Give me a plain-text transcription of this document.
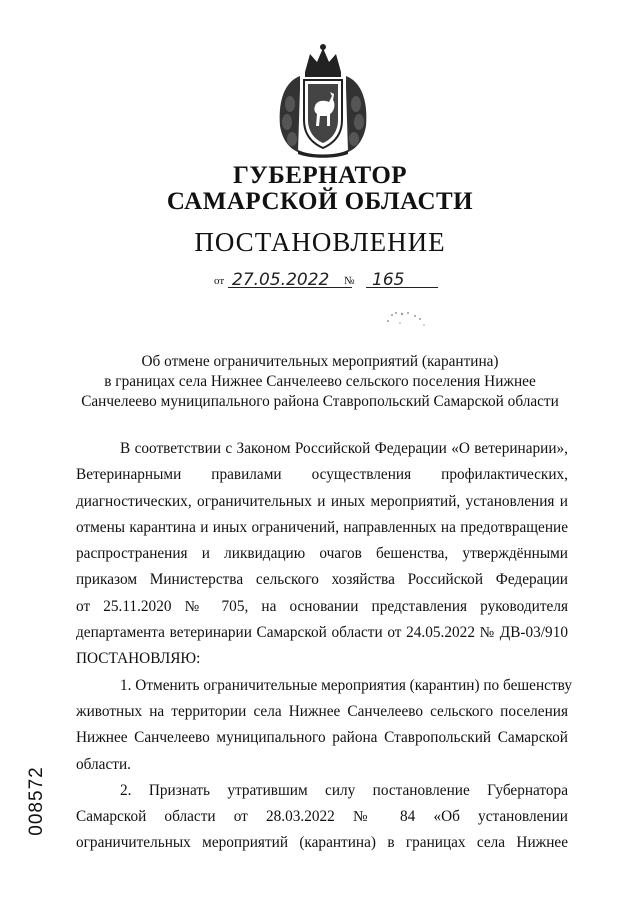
ГУБЕРНАТОР
САМАРСКОЙ ОБЛАСТИ
ПОСТАНОВЛЕНИЕ
от 27.05.2022 № 165
Об отмене ограничительных мероприятий (карантина)
в границах села Нижнее Санчелеево сельского поселения Нижнее
Санчелеево муниципального района Ставропольский Самарской области
В соответствии с Законом Российской Федерации «О ветеринарии»,
Ветеринарными правилами осуществления профилактических,
диагностических, ограничительных и иных мероприятий, установления и
отмены карантина и иных ограничений, направленных на предотвращение
распространения и ликвидацию очагов бешенства, утверждёнными
приказом Министерства сельского хозяйства Российской Федерации
от 25.11.2020 № 705, на основании представления руководителя
департамента ветеринарии Самарской области от 24.05.2022 № ДВ-03/910
ПОСТАНОВЛЯЮ:
1. Отменить ограничительные мероприятия (карантин) по бешенству
животных на территории села Нижнее Санчелеево сельского поселения
Нижнее Санчелеево муниципального района Ставропольский Самарской
области.
2. Признать утратившим силу постановление Губернатора
Самарской области от 28.03.2022 № 84 «Об установлении
ограничительных мероприятий (карантина) в границах села Нижнее
008572
